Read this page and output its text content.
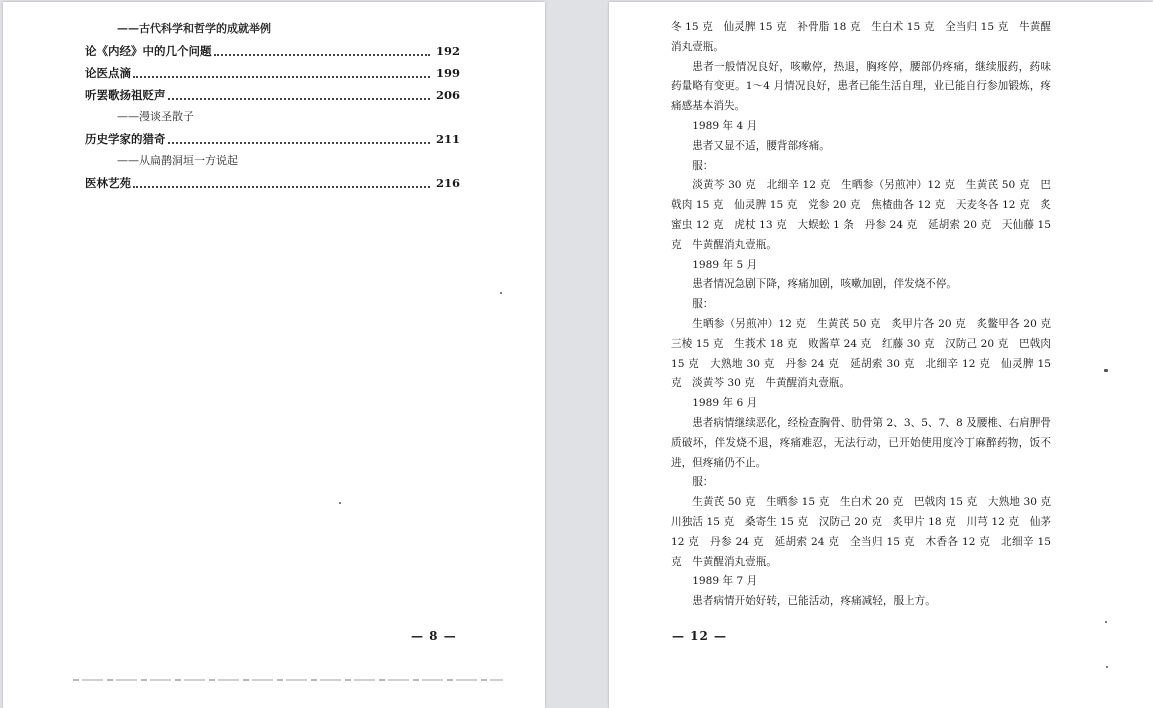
——古代科学和哲学的成就举例
论《内经》中的几个问题	192
论医点滴	199
听罢歌扬祖贬声	206
——漫谈圣散子
历史学家的猎奇	211
——从扁鹊洞垣一方说起
医林艺苑	216
— 8 —

冬 15 克　仙灵脾 15 克　补骨脂 18 克　生白术 15 克　全当归 15 克　牛黄醒消丸壹瓶。

患者一般情况良好，咳嗽停，热退，胸疼停，腰部仍疼痛，继续服药，药味药量略有变更。1～4 月情况良好，患者已能生活自理，业已能自行参加锻炼，疼痛感基本消失。

1989 年 4 月

患者又显不适，腰背部疼痛。

服：

淡黄芩 30 克　北细辛 12 克　生晒参（另煎冲）12 克　生黄芪 50 克　巴戟肉 15 克　仙灵脾 15 克　党参 20 克　焦楂曲各 12 克　天麦冬各 12 克　炙蜜虫 12 克　虎杖 13 克　大蜈蚣 1 条　丹参 24 克　延胡索 20 克　天仙藤 15 克　牛黄醒消丸壹瓶。

1989 年 5 月

患者情况急剧下降，疼痛加剧，咳嗽加剧，伴发烧不停。

服：

生晒参（另煎冲）12 克　生黄芪 50 克　炙甲片各 20 克　炙鳖甲各 20 克　三棱 15 克　生莪术 18 克　败酱草 24 克　红藤 30 克　汉防己 20 克　巴戟肉 15 克　大熟地 30 克　丹参 24 克　延胡索 30 克　北细辛 12 克　仙灵脾 15 克　淡黄芩 30 克　牛黄醒消丸壹瓶。

1989 年 6 月

患者病情继续恶化，经检查胸骨、肋骨第 2、3、5、7、8 及腰椎、右肩胛骨质破坏，伴发烧不退，疼痛难忍，无法行动，已开始使用度冷丁麻醉药物，饭不进，但疼痛仍不止。

服：

生黄芪 50 克　生晒参 15 克　生白术 20 克　巴戟肉 15 克　大熟地 30 克　川独活 15 克　桑寄生 15 克　汉防己 20 克　炙甲片 18 克　川芎 12 克　仙茅 12 克　丹参 24 克　延胡索 24 克　全当归 15 克　木香各 12 克　北细辛 15 克　牛黄醒消丸壹瓶。

1989 年 7 月

患者病情开始好转，已能活动，疼痛减轻，服上方。

— 12 —
